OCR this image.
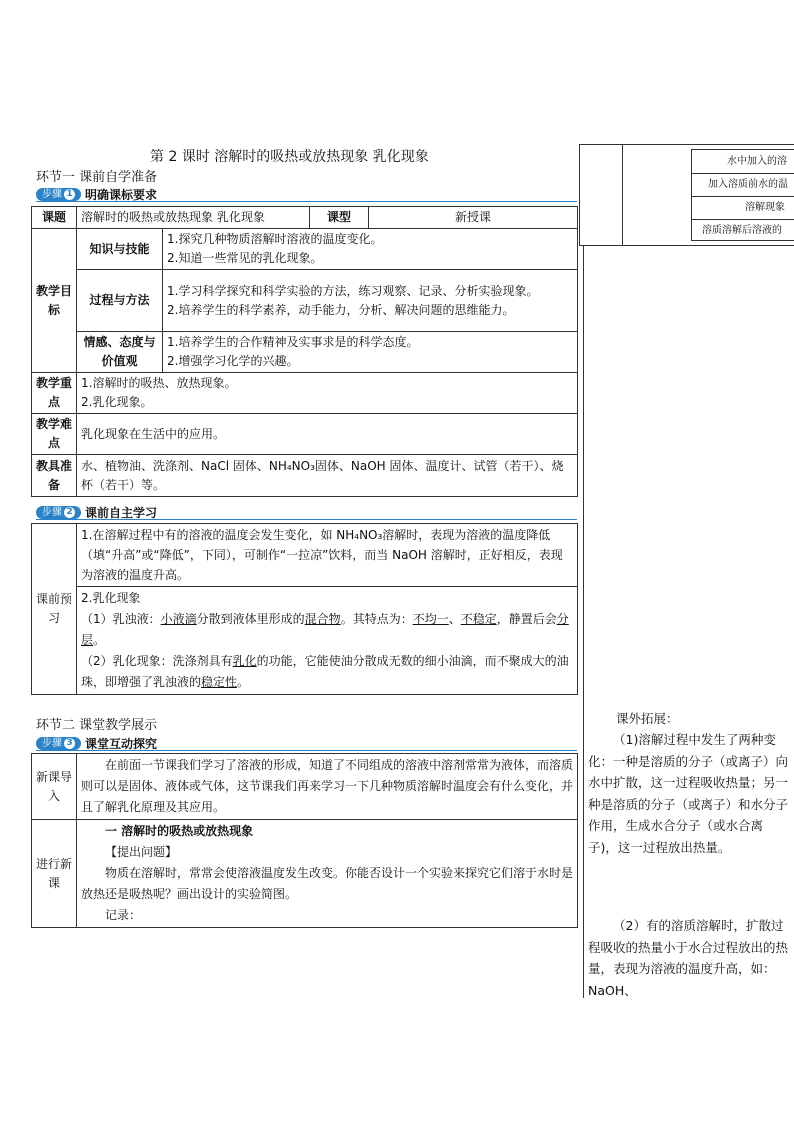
第 2 课时 溶解时的吸热或放热现象 乳化现象
环节一 课前自学准备
步骤 1 明确课标要求
课题	溶解时的吸热或放热现象 乳化现象		课型	新授课
教学目标	知识与技能	1.探究几种物质溶解时溶液的温度变化。
2.知道一些常见的乳化现象。		

	过程与方法	1.学习科学探究和科学实验的方法，练习观察、记录、分析实验现象。
2.培养学生的科学素养，动手能力，分析、解决问题的思维能力。		

	情感、态度与价值观	1.培养学生的合作精神及实事求是的科学态度。
2.增强学习化学的兴趣。		

教学重点	1.溶解时的吸热、放热现象。
2.乳化现象。			

教学难点	乳化现象在生活中的应用。			
教具准备	水、植物油、洗涤剂、NaCl 固体、NH₄NO₃固体、NaOH 固体、温度计、试管（若干）、烧杯（若干）等。			
步骤 2 课前自主学习
课前预习	
1.在溶解过程中有的溶液的温度会发生变化，如 NH₄NO₃溶解时，表现为溶液的温度降低（填“升高”或“降低”，下同），可制作“一拉凉”饮料，而当 NaOH 溶解时，正好相反，表现为溶液的温度升高。
2.乳化现象
（1）乳浊液：小液滴分散到液体里形成的混合物。其特点为：不均一、不稳定，静置后会分层。
（2）乳化现象：洗涤剂具有乳化的功能，它能使油分散成无数的细小油滴，而不聚成大的油珠，即增强了乳浊液的稳定性。
环节二 课堂教学展示
步骤 3 课堂互动探究
新课导入	在前面一节课我们学习了溶液的形成，知道了不同组成的溶液中溶剂常常为液体，而溶质则可以是固体、液体或气体，这节课我们再来学习一下几种物质溶解时温度会有什么变化，并且了解乳化原理及其应用。
进行新课	一 溶解时的吸热或放热现象
【提出问题】
物质在溶解时，常常会使溶液温度发生改变。你能否设计一个实验来探究它们溶于水时是放热还是吸热呢？画出设计的实验简图。
记录：
水中加入的溶
加入溶质前水的温
溶解现象
溶质溶解后溶液的
课外拓展：
（1)溶解过程中发生了两种变化：一种是溶质的分子（或离子）向水中扩散，这一过程吸收热量；另一种是溶质的分子（或离子）和水分子作用，生成水合分子（或水合离子)，这一过程放出热量。
（2）有的溶质溶解时，扩散过程吸收的热量小于水合过程放出的热量，表现为溶液的温度升高，如：NaOH、
